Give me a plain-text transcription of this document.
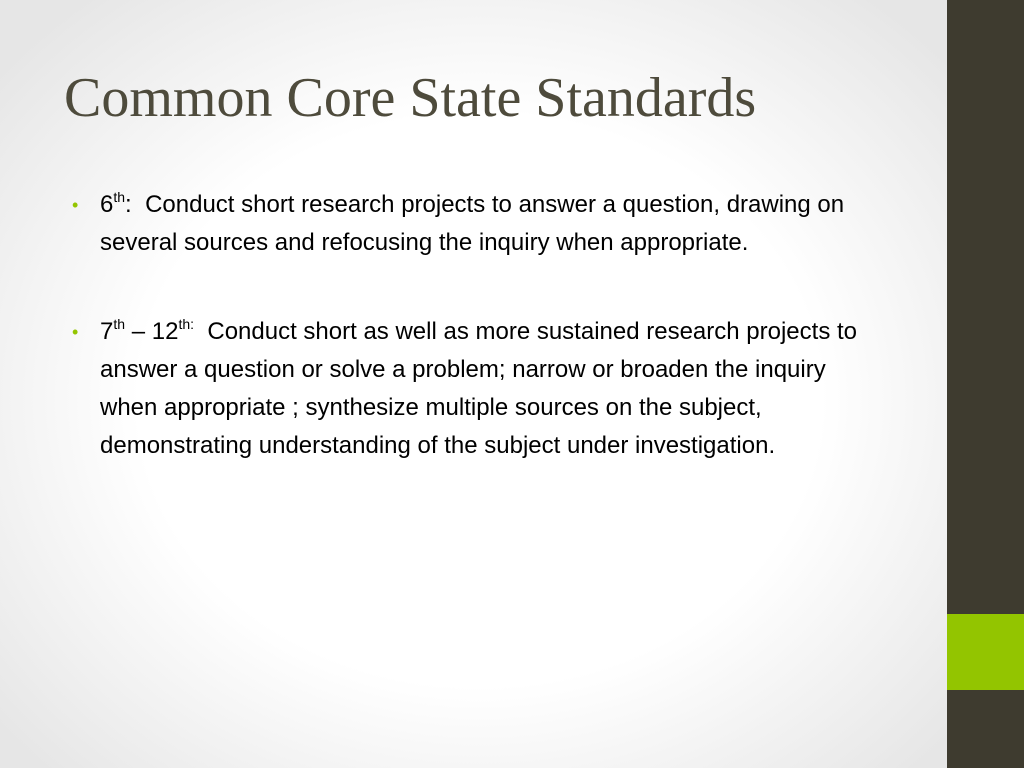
Common Core State Standards
• 6th:  Conduct short research projects to answer a question, drawing on several sources and refocusing the inquiry when appropriate.
• $7th - 12^{th:}$ Conduct short as well as more sustained research projects to answer a question or solve a problem; narrow or broaden the inquiry when appropriate ; synthesize multiple sources on the subject, demonstrating understanding of the subject under investigation.
